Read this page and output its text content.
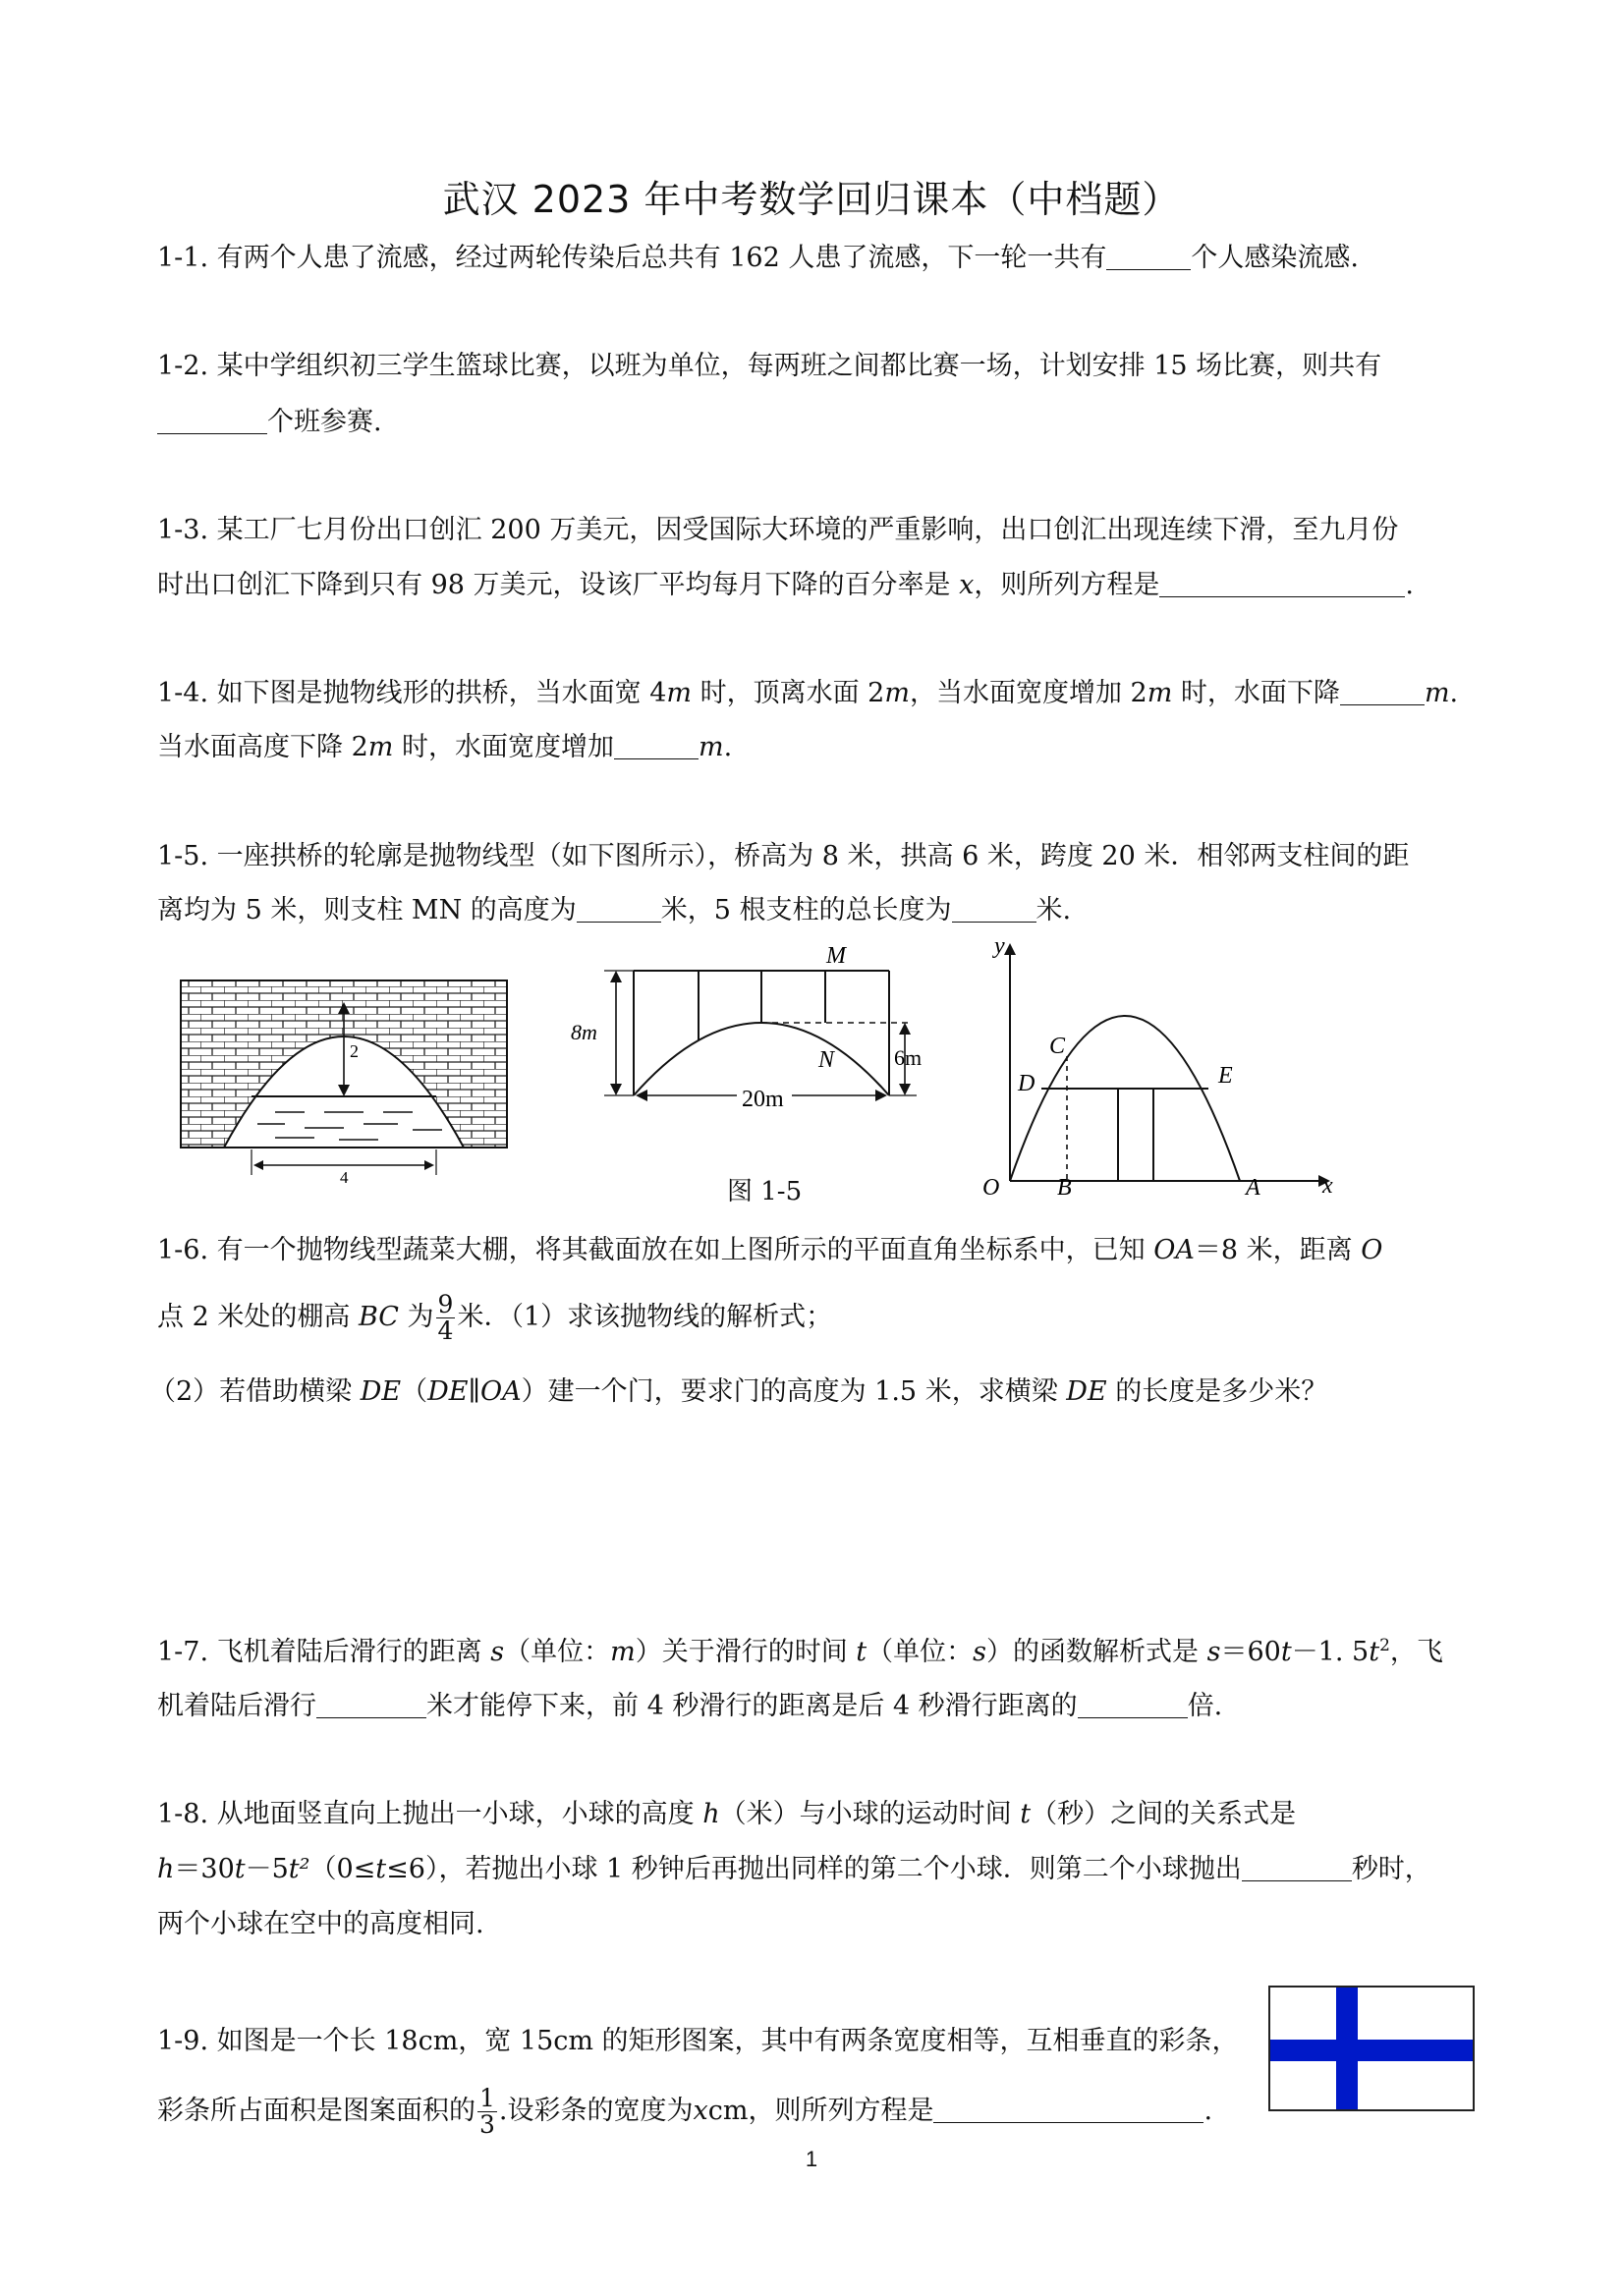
武汉 2023 年中考数学回归课本（中档题）
1-1. 有两个人患了流感，经过两轮传染后总共有 162 人患了流感，下一轮一共有	个人感染流感.
1-2. 某中学组织初三学生篮球比赛，以班为单位，每两班之间都比赛一场，计划安排 15 场比赛，则共有
个班参赛.
1-3. 某工厂七月份出口创汇 200 万美元，因受国际大环境的严重影响，出口创汇出现连续下滑，至九月份
时出口创汇下降到只有 98 万美元，设该厂平均每月下降的百分率是 x，则所列方程是	.
1-4. 如下图是抛物线形的拱桥，当水面宽 4m 时，顶离水面 2m，当水面宽度增加 2m 时，水面下降	m.
当水面高度下降 2m 时，水面宽度增加	m.
1-5. 一座拱桥的轮廓是抛物线型（如下图所示），桥高为 8 米，拱高 6 米，跨度 20 米．相邻两支柱间的距
离均为 5 米，则支柱 MN 的高度为	米，5 根支柱的总长度为	米.
2
4
8m
6m
20m
M
N
y
x
O B	A
C
D	E
图 1-5
1-6. 有一个抛物线型蔬菜大棚，将其截面放在如上图所示的平面直角坐标系中，已知 OA＝8 米，距离 O
点 2 米处的棚高 BC 为 $\frac{9}{4}$ 米．（1）求该抛物线的解析式；
（2）若借助横梁 DE（DE∥OA）建一个门，要求门的高度为 1.5 米，求横梁 DE 的长度是多少米？
1-7. 飞机着陆后滑行的距离 s（单位：m）关于滑行的时间 t（单位：s）的函数解析式是 s＝60t－1. $5t^2$，飞
机着陆后滑行	米才能停下来，前 4 秒滑行的距离是后 4 秒滑行距离的	倍.
1-8. 从地面竖直向上抛出一小球，小球的高度 h（米）与小球的运动时间 t（秒）之间的关系式是
h＝30t－5t²（0≤t≤6），若抛出小球 1 秒钟后再抛出同样的第二个小球．则第二个小球抛出	秒时，
两个小球在空中的高度相同.
1-9. 如图是一个长 18cm，宽 15cm 的矩形图案，其中有两条宽度相等，互相垂直的彩条，
彩条所占面积是图案面积的 $\frac{1}{3}$ .设彩条的宽度为xcm，则所列方程是	.
1
